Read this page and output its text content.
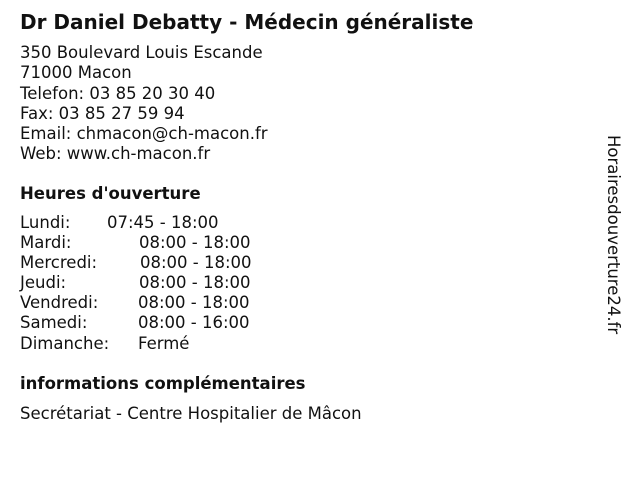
Dr Daniel Debatty - Médecin généraliste
350 Boulevard Louis Escande
71000 Macon
Telefon: 03 85 20 30 40
Fax: 03 85 27 59 94
Email: chmacon@ch-macon.fr
Web: www.ch-macon.fr
Heures d'ouverture
Lundi: 07:45 - 18:00
Mardi:	08:00 - 18:00
Mercredi:	08:00 - 18:00
Jeudi:	08:00 - 18:00
Vendredi: 08:00 - 18:00
Samedi:	08:00 - 16:00
Dimanche: Fermé
informations complémentaires
Secrétariat - Centre Hospitalier de Mâcon
Horairesdouverture24.fr
